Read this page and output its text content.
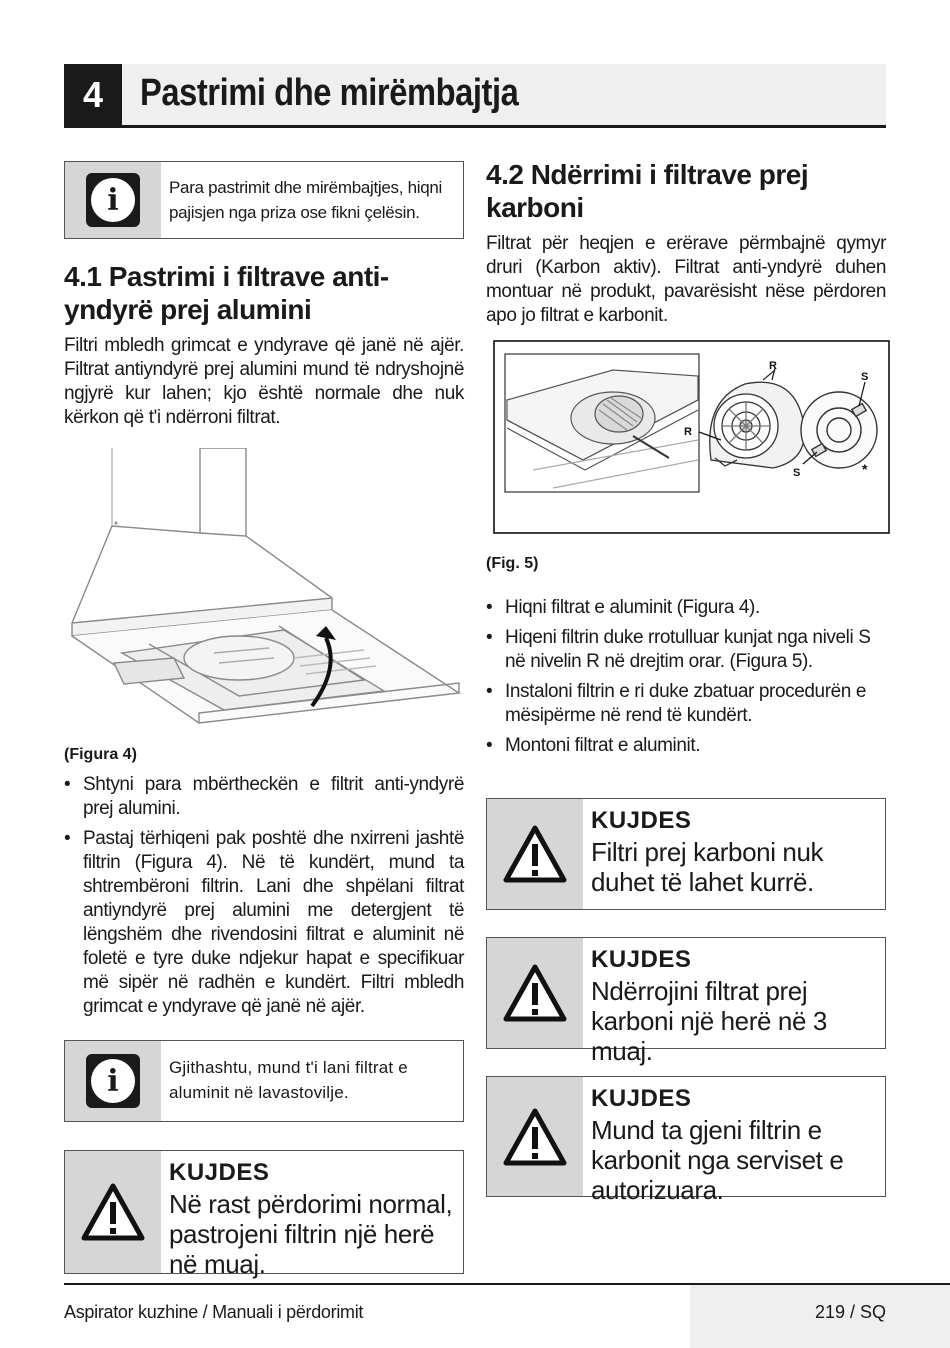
4 Pastrimi dhe mirëmbajtja
i	Para pastrimit dhe mirëmbajtjes, hiqni pajisjen nga priza ose fikni çelësin.
4.1 Pastrimi i filtrave anti-yndyrë prej alumini
Filtri mbledh grimcat e yndyrave që janë në ajër. Filtrat antiyndyrë prej alumini mund të ndryshojnë ngjyrë kur lahen; kjo është normale dhe nuk kërkon që t'i ndërroni filtrat.
(Figura 4)
• Shtyni para mbërtheckën e filtrit anti-yndyrë prej alumini.
• Pastaj tërhiqeni pak poshtë dhe nxirreni jashtë filtrin (Figura 4). Në të kundërt, mund ta shtrembëroni filtrin. Lani dhe shpëlani filtrat antiyndyrë prej alumini me detergjent të lëngshëm dhe rivendosini filtrat e aluminit në foletë e tyre duke ndjekur hapat e specifikuar më sipër në radhën e kundërt. Filtri mbledh grimcat e yndyrave që janë në ajër.
i	Gjithashtu, mund t'i lani filtrat e aluminit në lavastovilje.
KUJDES
Në rast përdorimi normal, pastrojeni filtrin një herë në muaj.
4.2 Ndërrimi i filtrave prej karboni
Filtrat për heqjen e erërave përmbajnë qymyr druri (Karbon aktiv). Filtrat anti-yndyrë duhen montuar në produkt, pavarësisht nëse përdoren apo jo filtrat e karbonit.
R
R
S
S	*
(Fig. 5)
• Hiqni filtrat e aluminit (Figura 4).
• Hiqeni filtrin duke rrotulluar kunjat nga niveli S në nivelin R në drejtim orar. (Figura 5).
• Instaloni filtrin e ri duke zbatuar procedurën e mësipërme në rend të kundërt.
• Montoni filtrat e aluminit.
KUJDES
Filtri prej karboni nuk duhet të lahet kurrë.
KUJDES
Ndërrojini filtrat prej karboni një herë në 3 muaj.
KUJDES
Mund ta gjeni filtrin e karbonit nga serviset e autorizuara.
Aspirator kuzhine / Manuali i përdorimit	219 / SQ
